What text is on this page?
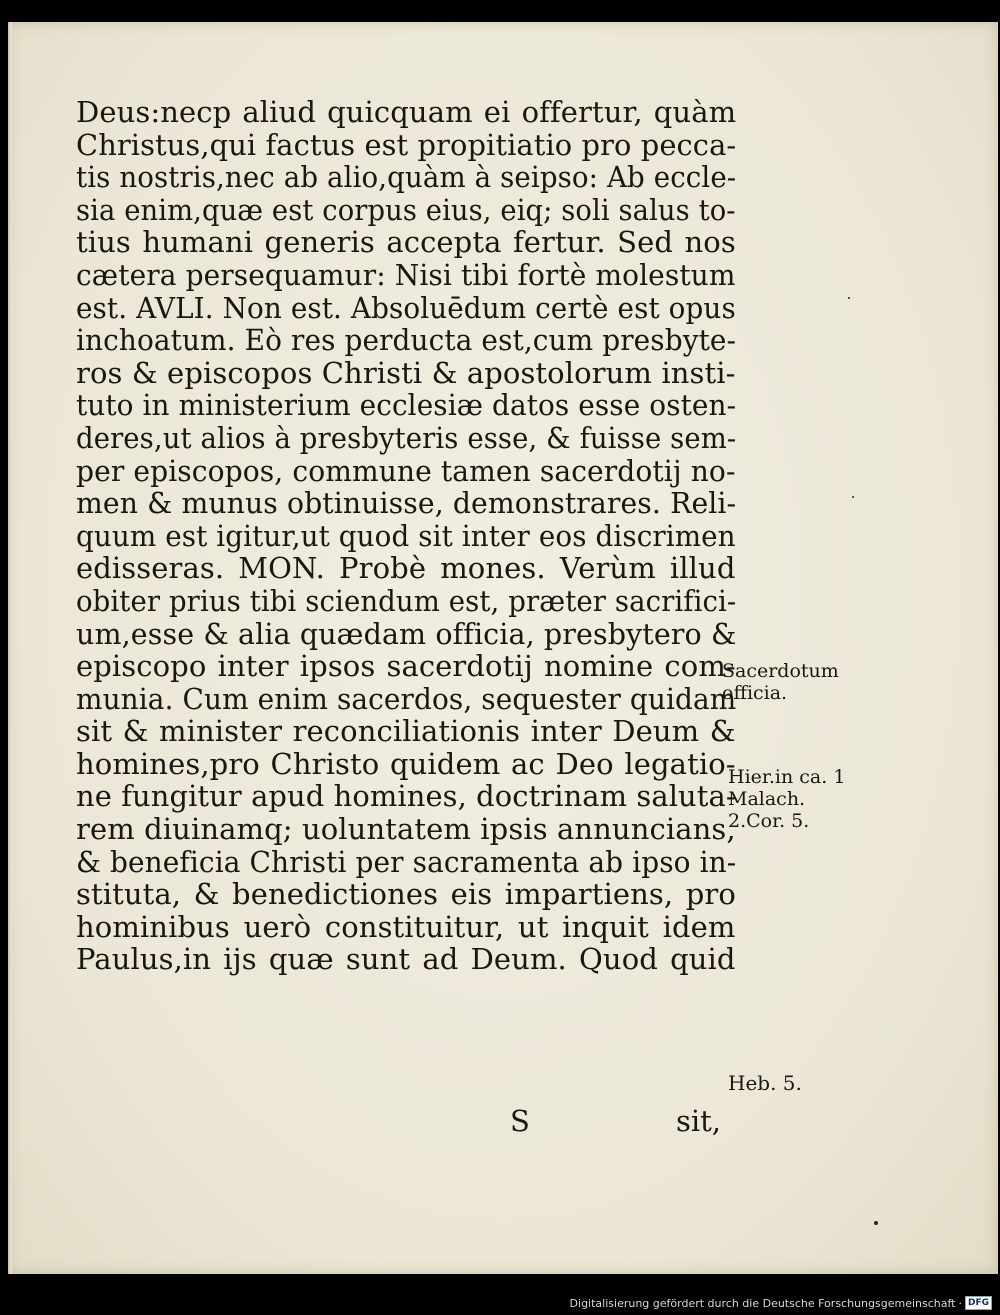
Deus:necp aliud quicquam ei offertur, quàm
Christus,qui factus est propitiatio pro pecca-
tis nostris,nec ab alio,quàm à seipso: Ab eccle-
sia enim,quæ est corpus eius, eiq; soli salus to-
tius humani generis accepta fertur. Sed nos
cætera persequamur: Nisi tibi fortè molestum
est. AVLI. Non est. Absoluēdum certè est opus
inchoatum. Eò res perducta est,cum presbyte-
ros & episcopos Christi & apostolorum insti-
tuto in ministerium ecclesiæ datos esse osten-
deres,ut alios à presbyteris esse, & fuisse sem-
per episcopos, commune tamen sacerdotij no-
men & munus obtinuisse, demonstrares. Reli-
quum est igitur,ut quod sit inter eos discrimen
edisseras. MON. Probè mones. Verùm illud
obiter prius tibi sciendum est, præter sacrifici-
um,esse & alia quædam officia, presbytero &
episcopo inter ipsos sacerdotij nomine com-
munia. Cum enim sacerdos, sequester quidam
sit & minister reconciliationis inter Deum &
homines,pro Christo quidem ac Deo legatio-
ne fungitur apud homines, doctrinam saluta-
rem diuinamq; uoluntatem ipsis annuncians,
& beneficia Christi per sacramenta ab ipso in-
stituta, & benedictiones eis impartiens, pro
hominibus uerò constituitur, ut inquit idem
Paulus,in ijs quæ sunt ad Deum. Quod quid
Sacerdotum
officia.
Hier.in ca. 1
Malach.
2.Cor. 5.
Heb. 5.
S	sit,
Digitalisierung gefördert durch die Deutsche Forschungsgemeinschaft · DFG
